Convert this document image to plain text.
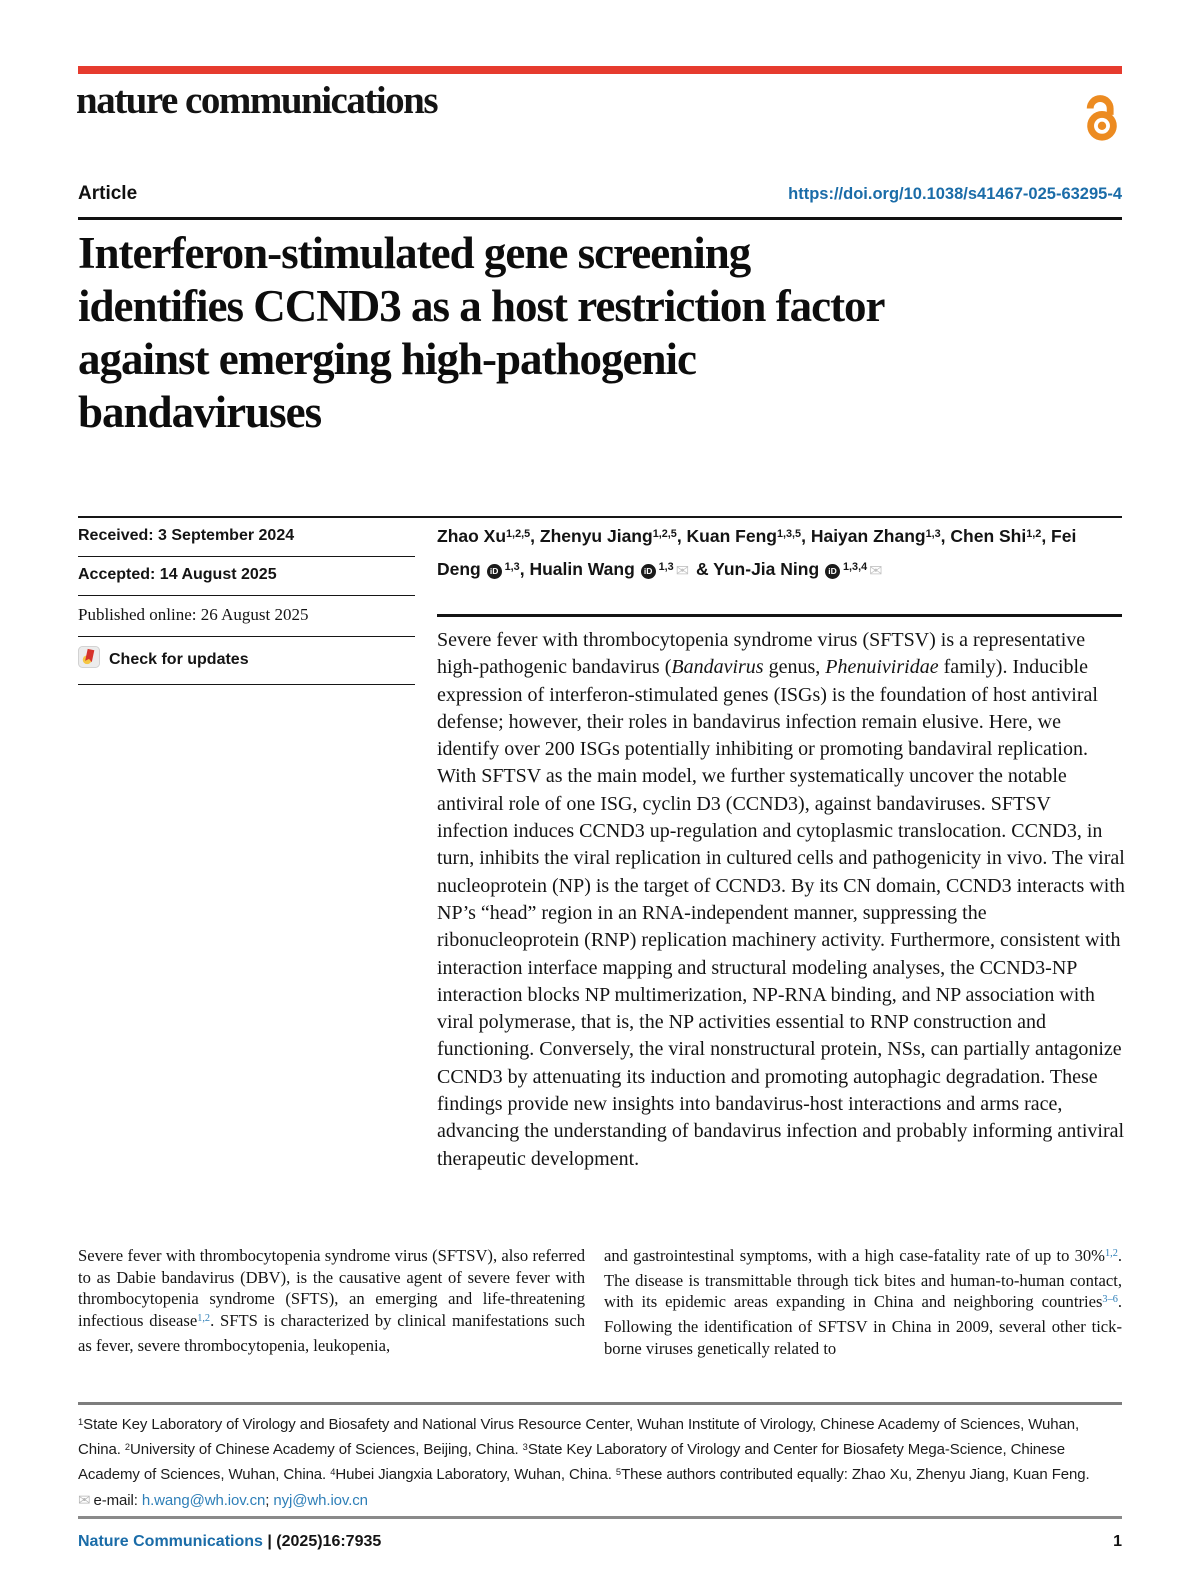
nature communications
Article	https://doi.org/10.1038/s41467-025-63295-4
Interferon-stimulated gene screening
identifies CCND3 as a host restriction factor
against emerging high-pathogenic
bandaviruses
Received: 3 September 2024
Accepted: 14 August 2025
Published online: 26 August 2025
Check for updates
Zhao Xu$^{1,2,5}$, Zhenyu Jiang$^{1,2,5}$, Kuan Feng$^{1,3,5}$, Haiyan Zhang$^{1,3}$, Chen Shi$^{1,2}$, Fei Deng iD $^{1,3}$, Hualin Wang iD $^{1,3}$ ✉ & Yun-Jia Ning iD $^{1,3,4}$ ✉
Severe fever with thrombocytopenia syndrome virus (SFTSV) is a representative high-pathogenic bandavirus (Bandavirus genus, Phenuiviridae family). Inducible expression of interferon-stimulated genes (ISGs) is the foundation of host antiviral defense; however, their roles in bandavirus infection remain elusive. Here, we identify over 200 ISGs potentially inhibiting or promoting bandaviral replication. With SFTSV as the main model, we further systematically uncover the notable antiviral role of one ISG, cyclin D3 (CCND3), against bandaviruses. SFTSV infection induces CCND3 up-regulation and cytoplasmic translocation. CCND3, in turn, inhibits the viral replication in cultured cells and pathogenicity in vivo. The viral nucleoprotein (NP) is the target of CCND3. By its CN domain, CCND3 interacts with NP’s “head” region in an RNA-independent manner, suppressing the ribonucleoprotein (RNP) replication machinery activity. Furthermore, consistent with interaction interface mapping and structural modeling analyses, the CCND3-NP interaction blocks NP multimerization, NP-RNA binding, and NP association with viral polymerase, that is, the NP activities essential to RNP construction and functioning. Conversely, the viral nonstructural protein, NSs, can partially antagonize CCND3 by attenuating its induction and promoting autophagic degradation. These findings provide new insights into bandavirus-host interactions and arms race, advancing the understanding of bandavirus infection and probably informing antiviral therapeutic development.
Severe fever with thrombocytopenia syndrome virus (SFTSV), also referred to as Dabie bandavirus (DBV), is the causative agent of severe fever with thrombocytopenia syndrome (SFTS), an emerging and life-threatening infectious disease$^{1,2}$. SFTS is characterized by clinical manifestations such as fever, severe thrombocytopenia, leukopenia,
and gastrointestinal symptoms, with a high case-fatality rate of up to 30%$^{1,2}$. The disease is transmittable through tick bites and human-to-human contact, with its epidemic areas expanding in China and neighboring countries$^{3-6}$. Following the identification of SFTSV in China in 2009, several other tick-borne viruses genetically related to
$^1$State Key Laboratory of Virology and Biosafety and National Virus Resource Center, Wuhan Institute of Virology, Chinese Academy of Sciences, Wuhan, China. $^2$University of Chinese Academy of Sciences, Beijing, China. $^3$State Key Laboratory of Virology and Center for Biosafety Mega-Science, Chinese Academy of Sciences, Wuhan, China. $^4$Hubei Jiangxia Laboratory, Wuhan, China. $^5$These authors contributed equally: Zhao Xu, Zhenyu Jiang, Kuan Feng.
✉ e-mail: h.wang@wh.iov.cn; nyj@wh.iov.cn
Nature Communications | (2025)16:7935	1
